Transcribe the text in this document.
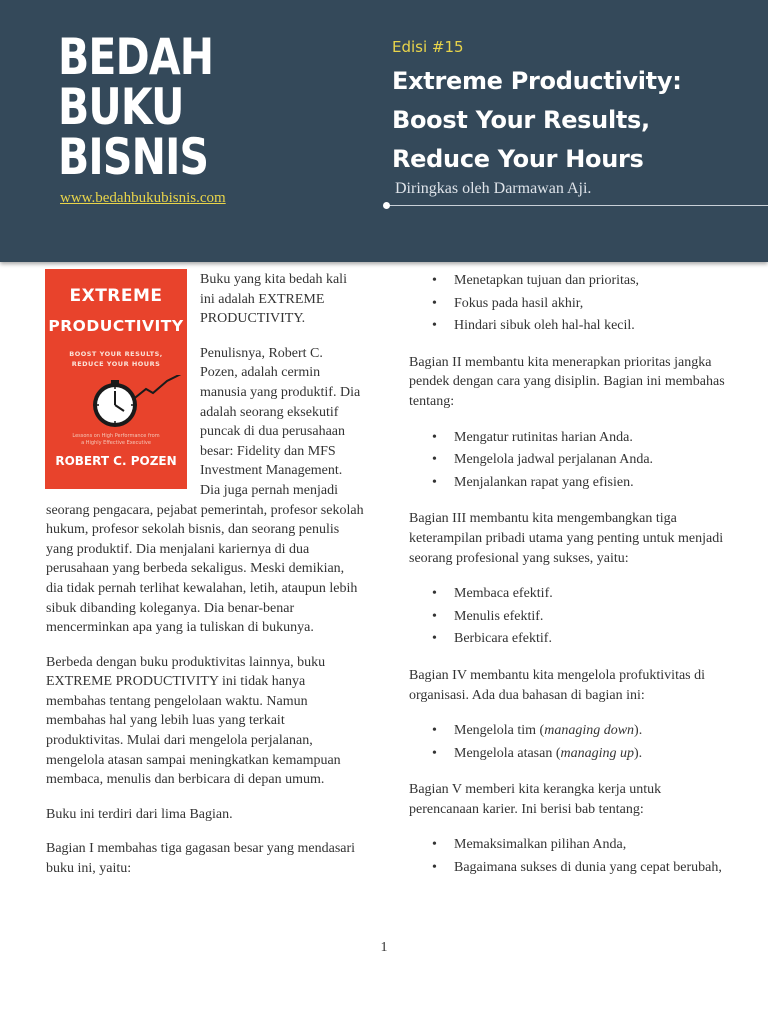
BEDAH
BUKU
BISNIS
www.bedahbukubisnis.com
Edisi #15
Extreme Productivity:
Boost Your Results,
Reduce Your Hours
Diringkas oleh Darmawan Aji.
EXTREME
PRODUCTIVITY
BOOST YOUR RESULTS,
REDUCE YOUR HOURS
Lessons on High Performance from
a Highly Effective Executive
ROBERT C. POZEN

Buku yang kita bedah kali ini adalah EXTREME PRODUCTIVITY.

Penulisnya, Robert C. Pozen, adalah cermin manusia yang produktif. Dia adalah seorang eksekutif puncak di dua perusahaan besar: Fidelity dan MFS Investment Management. Dia juga pernah menjadi seorang pengacara, pejabat pemerintah, profesor sekolah hukum, profesor sekolah bisnis, dan seorang penulis yang produktif. Dia menjalani kariernya di dua perusahaan yang berbeda sekaligus. Meski demikian, dia tidak pernah terlihat kewalahan, letih, ataupun lebih sibuk dibanding koleganya. Dia benar-benar mencerminkan apa yang ia tuliskan di bukunya.

Berbeda dengan buku produktivitas lainnya, buku EXTREME PRODUCTIVITY ini tidak hanya membahas tentang pengelolaan waktu. Namun membahas hal yang lebih luas yang terkait produktivitas. Mulai dari mengelola perjalanan, mengelola atasan sampai meningkatkan kemampuan membaca, menulis dan berbicara di depan umum.

Buku ini terdiri dari lima Bagian.

Bagian I membahas tiga gagasan besar yang mendasari buku ini, yaitu:

• Menetapkan tujuan dan prioritas,
• Fokus pada hasil akhir,
• Hindari sibuk oleh hal-hal kecil.

Bagian II membantu kita menerapkan prioritas jangka pendek dengan cara yang disiplin. Bagian ini membahas tentang:

• Mengatur rutinitas harian Anda.
• Mengelola jadwal perjalanan Anda.
• Menjalankan rapat yang efisien.

Bagian III membantu kita mengembangkan tiga keterampilan pribadi utama yang penting untuk menjadi seorang profesional yang sukses, yaitu:

• Membaca efektif.
• Menulis efektif.
• Berbicara efektif.

Bagian IV membantu kita mengelola profuktivitas di organisasi. Ada dua bahasan di bagian ini:

• Mengelola tim (managing down).
• Mengelola atasan (managing up).

Bagian V memberi kita kerangka kerja untuk perencanaan karier. Ini berisi bab tentang:

• Memaksimalkan pilihan Anda,
• Bagaimana sukses di dunia yang cepat berubah,
1
